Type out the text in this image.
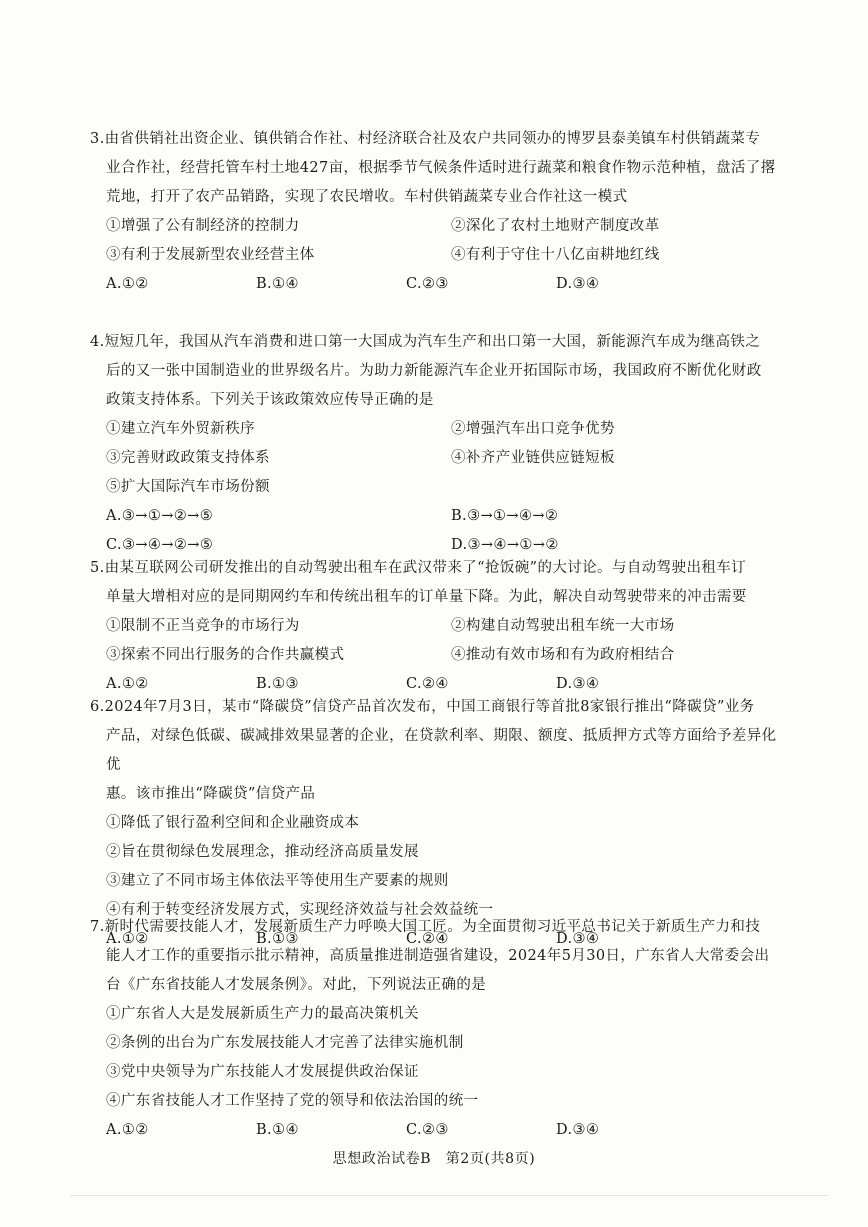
3.由省供销社出资企业、镇供销合作社、村经济联合社及农户共同领办的博罗县泰美镇车村供销蔬菜专

业合作社，经营托管车村土地427亩，根据季节气候条件适时进行蔬菜和粮食作物示范种植，盘活了撂

荒地，打开了农产品销路，实现了农民增收。车村供销蔬菜专业合作社这一模式

①增强了公有制经济的控制力	②深化了农村土地财产制度改革
③有利于发展新型农业经营主体	④有利于守住十八亿亩耕地红线
A.①②	B.①④	C.②③	D.③④

4.短短几年，我国从汽车消费和进口第一大国成为汽车生产和出口第一大国，新能源汽车成为继高铁之

后的又一张中国制造业的世界级名片。为助力新能源汽车企业开拓国际市场，我国政府不断优化财政

政策支持体系。下列关于该政策效应传导正确的是

①建立汽车外贸新秩序	②增强汽车出口竞争优势
③完善财政政策支持体系	④补齐产业链供应链短板
⑤扩大国际汽车市场份额
A.③→①→②→⑤	B.③→①→④→②
C.③→④→②→⑤	D.③→④→①→②

5.由某互联网公司研发推出的自动驾驶出租车在武汉带来了“抢饭碗”的大讨论。与自动驾驶出租车订

单量大增相对应的是同期网约车和传统出租车的订单量下降。为此，解决自动驾驶带来的冲击需要

①限制不正当竞争的市场行为	②构建自动驾驶出租车统一大市场
③探索不同出行服务的合作共赢模式	④推动有效市场和有为政府相结合
A.①②	B.①③	C.②④	D.③④

6.2024年7月3日，某市“降碳贷”信贷产品首次发布，中国工商银行等首批8家银行推出“降碳贷”业务

产品，对绿色低碳、碳减排效果显著的企业，在贷款利率、期限、额度、抵质押方式等方面给予差异化优

惠。该市推出“降碳贷”信贷产品

①降低了银行盈利空间和企业融资成本
②旨在贯彻绿色发展理念，推动经济高质量发展
③建立了不同市场主体依法平等使用生产要素的规则
④有利于转变经济发展方式，实现经济效益与社会效益统一
A.①②	B.①③	C.②④	D.③④

7.新时代需要技能人才，发展新质生产力呼唤大国工匠。为全面贯彻习近平总书记关于新质生产力和技

能人才工作的重要指示批示精神，高质量推进制造强省建设，2024年5月30日，广东省人大常委会出

台《广东省技能人才发展条例》。对此，下列说法正确的是

①广东省人大是发展新质生产力的最高决策机关
②条例的出台为广东发展技能人才完善了法律实施机制
③党中央领导为广东技能人才发展提供政治保证
④广东省技能人才工作坚持了党的领导和依法治国的统一
A.①②	B.①④	C.②③	D.③④
思想政治试卷B　第2页(共8页)
